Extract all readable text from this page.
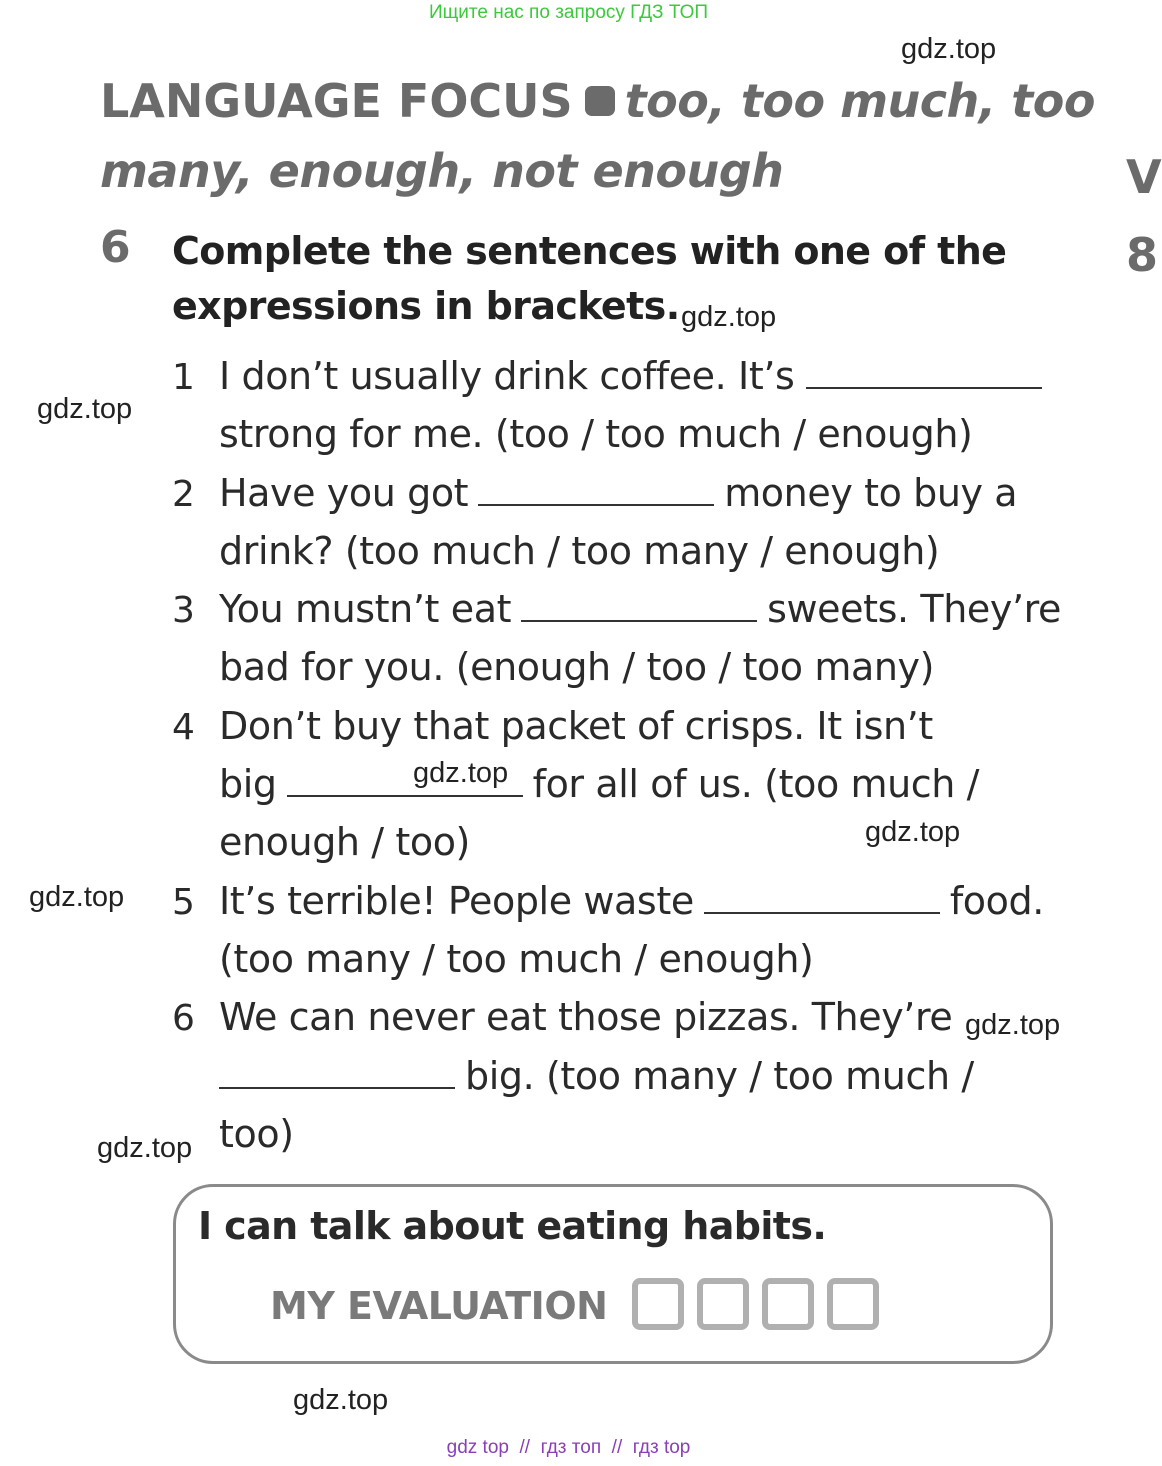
Ищите нас по запросу ГДЗ ТОП
LANGUAGE FOCUS too, too much, too
many, enough, not enough	V
8
6 Complete the sentences with one of the
expressions in brackets.
1 I don’t usually drink coffee. It’s
strong for me. (too / too much / enough)
2 Have you got	money to buy a
drink? (too much / too many / enough)
3 You mustn’t eat	sweets. They’re
bad for you. (enough / too / too many)
4 Don’t buy that packet of crisps. It isn’t
big	for all of us. (too much /
enough / too)
5 It’s terrible! People waste	food.
(too many / too much / enough)
6 We can never eat those pizzas. They’re
big. (too many / too much /
too)
I can talk about eating habits.
MY EVALUATION
gdz.top
gdz.top
gdz.top
gdz.top
gdz.top
gdz.top
gdz.top
gdz.top
gdz.top
gdz top  //  гдз топ  //  гдз top
